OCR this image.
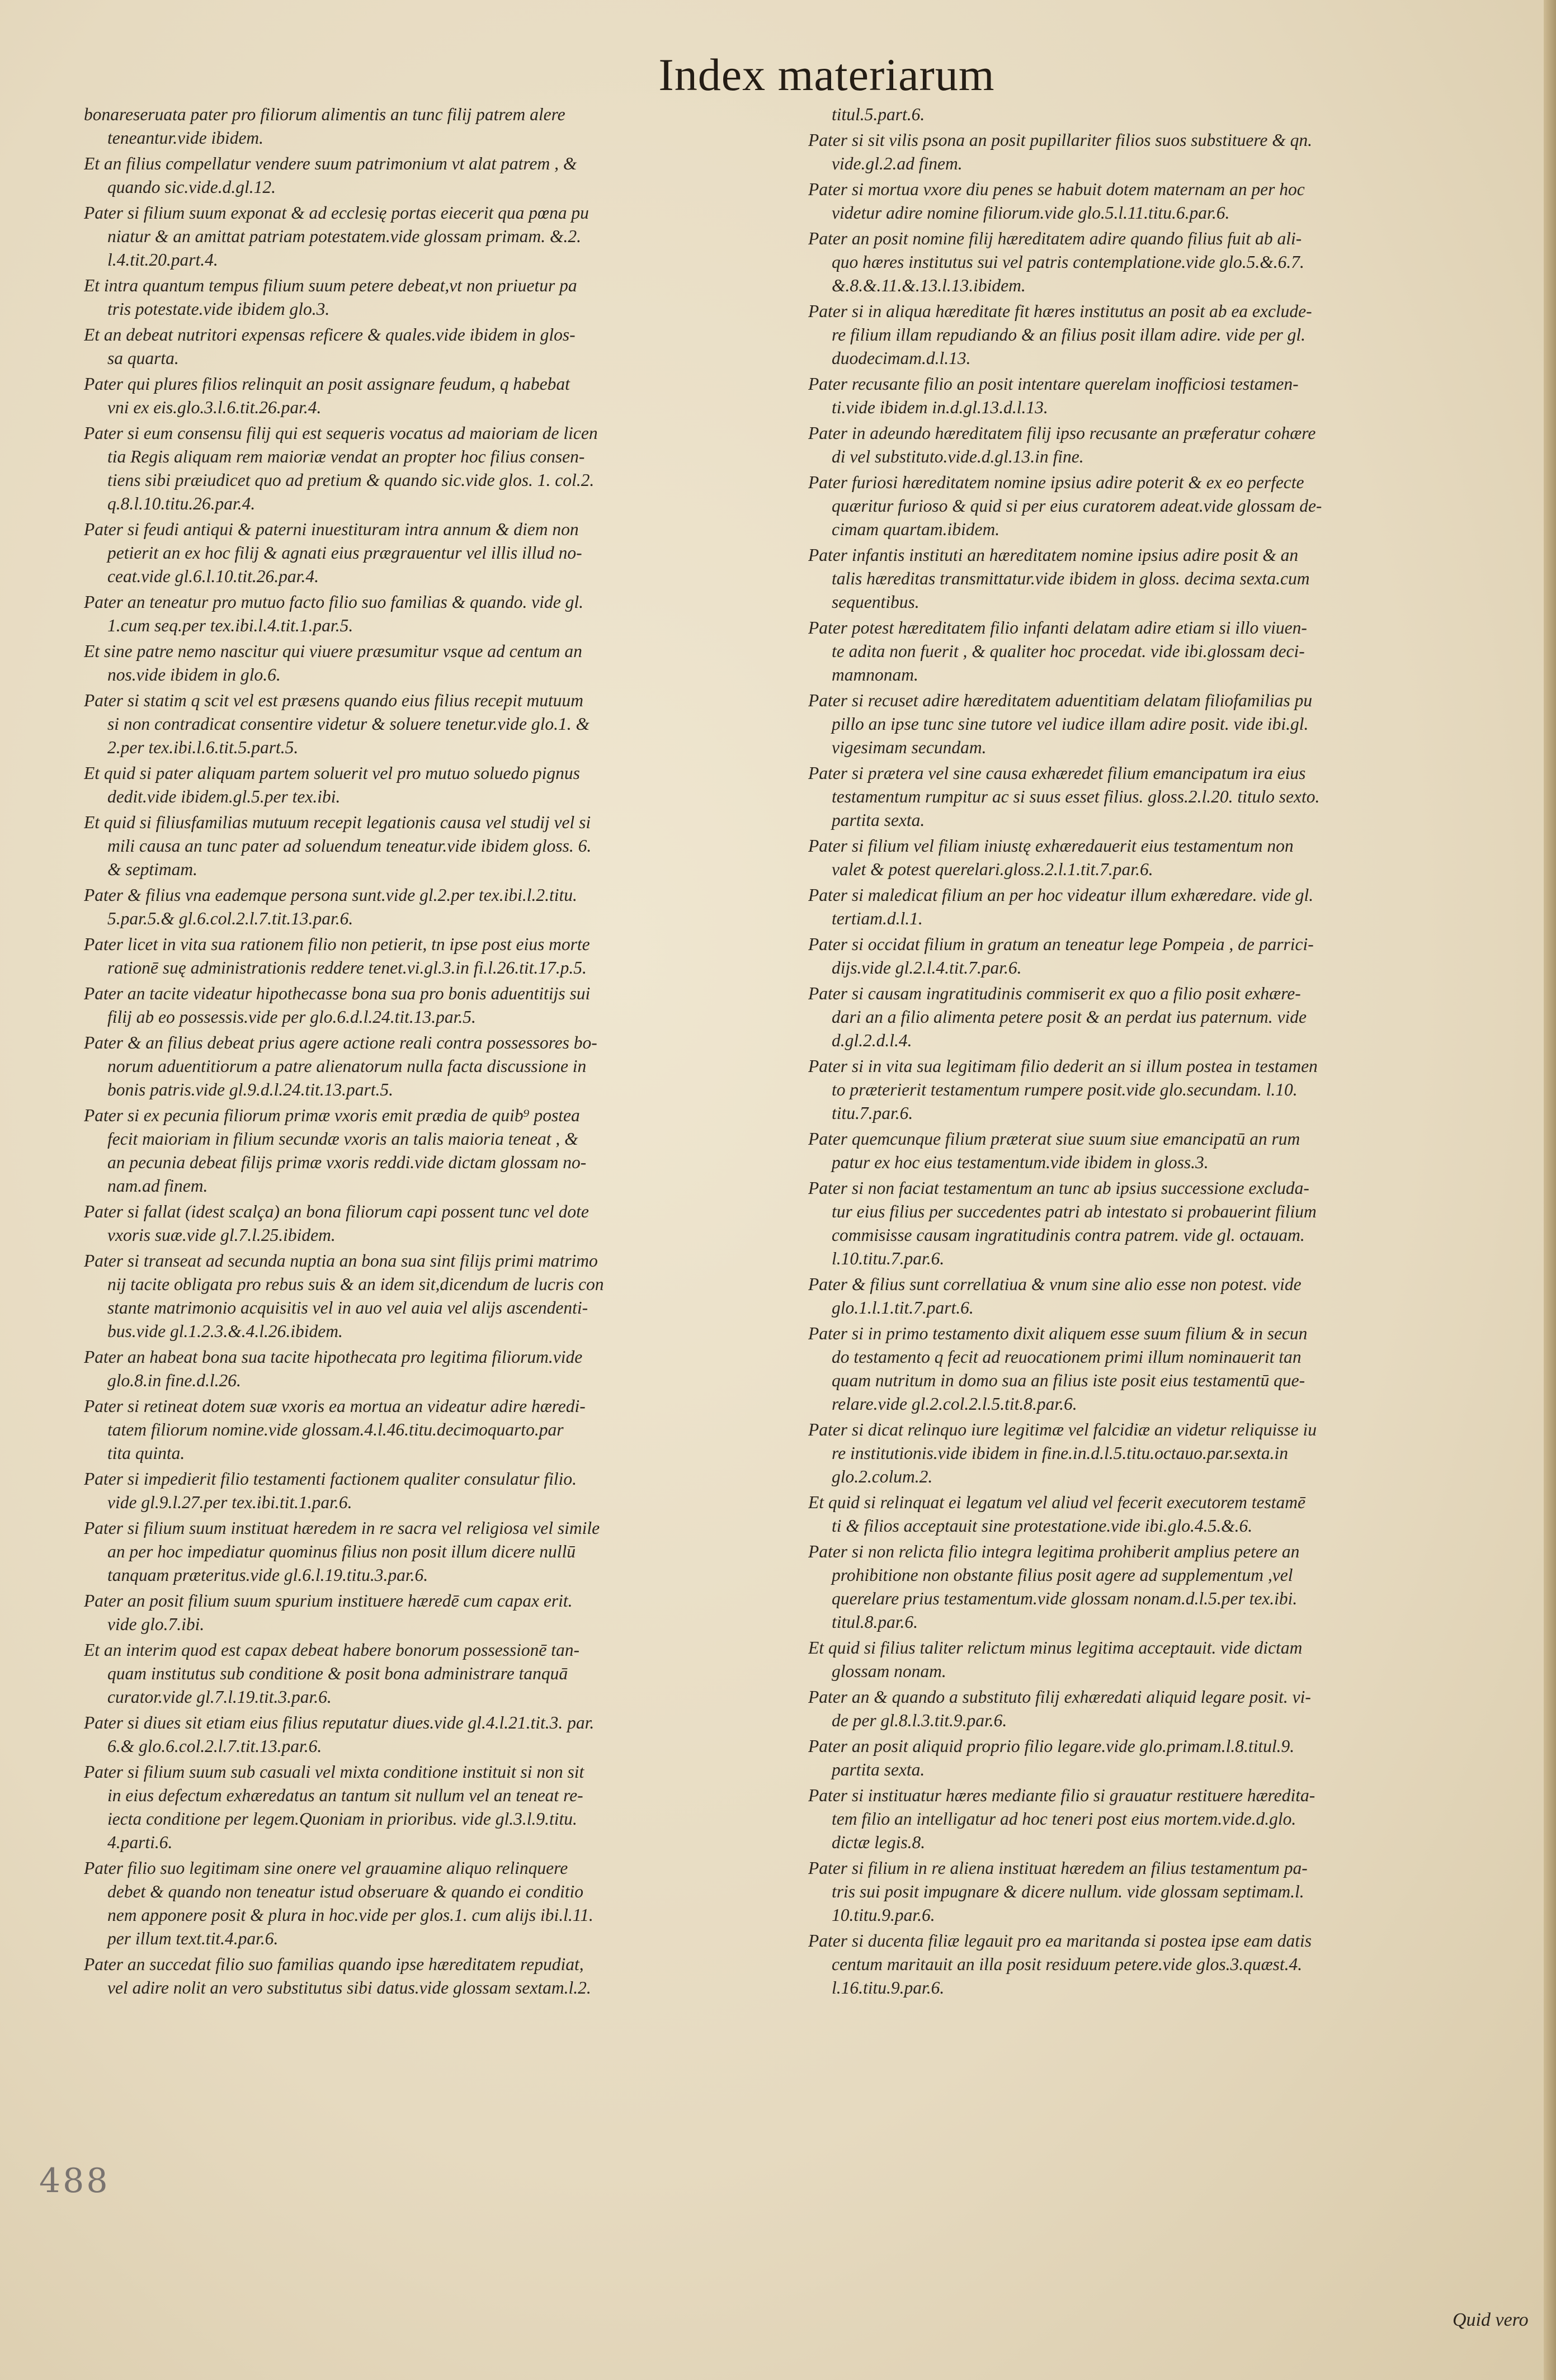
Index materiarum
bonareseruata pater pro filiorum alimentis an tunc filij patrem alere
teneantur.vide ibidem.
Et an filius compellatur vendere suum patrimonium vt alat patrem , &
quando sic.vide.d.gl.12.
Pater si filium suum exponat & ad ecclesię portas eiecerit qua pœna pu
niatur & an amittat patriam potestatem.vide glossam primam. &.2.
l.4.tit.20.part.4.
Et intra quantum tempus filium suum petere debeat,vt non priuetur pa
tris potestate.vide ibidem glo.3.
Et an debeat nutritori expensas reficere & quales.vide ibidem in glos-
sa quarta.
Pater qui plures filios relinquit an posit assignare feudum, q habebat
vni ex eis.glo.3.l.6.tit.26.par.4.
Pater si eum consensu filij qui est sequeris vocatus ad maioriam de licen
tia Regis aliquam rem maioriæ vendat an propter hoc filius consen-
tiens sibi præiudicet quo ad pretium & quando sic.vide glos. 1. col.2.
q.8.l.10.titu.26.par.4.
Pater si feudi antiqui & paterni inuestituram intra annum & diem non
petierit an ex hoc filij & agnati eius prægrauentur vel illis illud no-
ceat.vide gl.6.l.10.tit.26.par.4.
Pater an teneatur pro mutuo facto filio suo familias & quando. vide gl.
1.cum seq.per tex.ibi.l.4.tit.1.par.5.
Et sine patre nemo nascitur qui viuere præsumitur vsque ad centum an
nos.vide ibidem in glo.6.
Pater si statim q scit vel est præsens quando eius filius recepit mutuum
si non contradicat consentire videtur & soluere tenetur.vide glo.1. &
2.per tex.ibi.l.6.tit.5.part.5.
Et quid si pater aliquam partem soluerit vel pro mutuo soluedo pignus
dedit.vide ibidem.gl.5.per tex.ibi.
Et quid si filiusfamilias mutuum recepit legationis causa vel studij vel si
mili causa an tunc pater ad soluendum teneatur.vide ibidem gloss. 6.
& septimam.
Pater & filius vna eademque persona sunt.vide gl.2.per tex.ibi.l.2.titu.
5.par.5.& gl.6.col.2.l.7.tit.13.par.6.
Pater licet in vita sua rationem filio non petierit, tn ipse post eius morte
rationē suę administrationis reddere tenet.vi.gl.3.in fi.l.26.tit.17.p.5.
Pater an tacite videatur hipothecasse bona sua pro bonis aduentitijs sui
filij ab eo possessis.vide per glo.6.d.l.24.tit.13.par.5.
Pater & an filius debeat prius agere actione reali contra possessores bo-
norum aduentitiorum a patre alienatorum nulla facta discussione in
bonis patris.vide gl.9.d.l.24.tit.13.part.5.
Pater si ex pecunia filiorum primæ vxoris emit prædia de quib⁹ postea
fecit maioriam in filium secundæ vxoris an talis maioria teneat , &
an pecunia debeat filijs primæ vxoris reddi.vide dictam glossam no-
nam.ad finem.
Pater si fallat (idest scalça) an bona filiorum capi possent tunc vel dote
vxoris suæ.vide gl.7.l.25.ibidem.
Pater si transeat ad secunda nuptia an bona sua sint filijs primi matrimo
nij tacite obligata pro rebus suis & an idem sit,dicendum de lucris con
stante matrimonio acquisitis vel in auo vel auia vel alijs ascendenti-
bus.vide gl.1.2.3.&.4.l.26.ibidem.
Pater an habeat bona sua tacite hipothecata pro legitima filiorum.vide
glo.8.in fine.d.l.26.
Pater si retineat dotem suæ vxoris ea mortua an videatur adire hæredi-
tatem filiorum nomine.vide glossam.4.l.46.titu.decimoquarto.par
tita quinta.
Pater si impedierit filio testamenti factionem qualiter consulatur filio.
vide gl.9.l.27.per tex.ibi.tit.1.par.6.
Pater si filium suum instituat hæredem in re sacra vel religiosa vel simile
an per hoc impediatur quominus filius non posit illum dicere nullū
tanquam præteritus.vide gl.6.l.19.titu.3.par.6.
Pater an posit filium suum spurium instituere hæredē cum capax erit.
vide glo.7.ibi.
Et an interim quod est capax debeat habere bonorum possessionē tan-
quam institutus sub conditione & posit bona administrare tanquā
curator.vide gl.7.l.19.tit.3.par.6.
Pater si diues sit etiam eius filius reputatur diues.vide gl.4.l.21.tit.3. par.
6.& glo.6.col.2.l.7.tit.13.par.6.
Pater si filium suum sub casuali vel mixta conditione instituit si non sit
in eius defectum exhæredatus an tantum sit nullum vel an teneat re-
iecta conditione per legem.Quoniam in prioribus. vide gl.3.l.9.titu.
4.parti.6.
Pater filio suo legitimam sine onere vel grauamine aliquo relinquere
debet & quando non teneatur istud obseruare & quando ei conditio
nem apponere posit & plura in hoc.vide per glos.1. cum alijs ibi.l.11.
per illum text.tit.4.par.6.
Pater an succedat filio suo familias quando ipse hæreditatem repudiat,
vel adire nolit an vero substitutus sibi datus.vide glossam sextam.l.2.
titul.5.part.6.
Pater si sit vilis psona an posit pupillariter filios suos substituere & qn.
vide.gl.2.ad finem.
Pater si mortua vxore diu penes se habuit dotem maternam an per hoc
videtur adire nomine filiorum.vide glo.5.l.11.titu.6.par.6.
Pater an posit nomine filij hæreditatem adire quando filius fuit ab ali-
quo hæres institutus sui vel patris contemplatione.vide glo.5.&.6.7.
&.8.&.11.&.13.l.13.ibidem.
Pater si in aliqua hæreditate fit hæres institutus an posit ab ea exclude-
re filium illam repudiando & an filius posit illam adire. vide per gl.
duodecimam.d.l.13.
Pater recusante filio an posit intentare querelam inofficiosi testamen-
ti.vide ibidem in.d.gl.13.d.l.13.
Pater in adeundo hæreditatem filij ipso recusante an præferatur cohære
di vel substituto.vide.d.gl.13.in fine.
Pater furiosi hæreditatem nomine ipsius adire poterit & ex eo perfecte
quæritur furioso & quid si per eius curatorem adeat.vide glossam de-
cimam quartam.ibidem.
Pater infantis instituti an hæreditatem nomine ipsius adire posit & an
talis hæreditas transmittatur.vide ibidem in gloss. decima sexta.cum
sequentibus.
Pater potest hæreditatem filio infanti delatam adire etiam si illo viuen-
te adita non fuerit , & qualiter hoc procedat. vide ibi.glossam deci-
mamnonam.
Pater si recuset adire hæreditatem aduentitiam delatam filiofamilias pu
pillo an ipse tunc sine tutore vel iudice illam adire posit. vide ibi.gl.
vigesimam secundam.
Pater si prætera vel sine causa exhæredet filium emancipatum ira eius
testamentum rumpitur ac si suus esset filius. gloss.2.l.20. titulo sexto.
partita sexta.
Pater si filium vel filiam iniustę exhæredauerit eius testamentum non
valet & potest querelari.gloss.2.l.1.tit.7.par.6.
Pater si maledicat filium an per hoc videatur illum exhæredare. vide gl.
tertiam.d.l.1.
Pater si occidat filium in gratum an teneatur lege Pompeia , de parrici-
dijs.vide gl.2.l.4.tit.7.par.6.
Pater si causam ingratitudinis commiserit ex quo a filio posit exhære-
dari an a filio alimenta petere posit & an perdat ius paternum. vide
d.gl.2.d.l.4.
Pater si in vita sua legitimam filio dederit an si illum postea in testamen
to præterierit testamentum rumpere posit.vide glo.secundam. l.10.
titu.7.par.6.
Pater quemcunque filium præterat siue suum siue emancipatū an rum
patur ex hoc eius testamentum.vide ibidem in gloss.3.
Pater si non faciat testamentum an tunc ab ipsius successione excluda-
tur eius filius per succedentes patri ab intestato si probauerint filium
commisisse causam ingratitudinis contra patrem. vide gl. octauam.
l.10.titu.7.par.6.
Pater & filius sunt correllatiua & vnum sine alio esse non potest. vide
glo.1.l.1.tit.7.part.6.
Pater si in primo testamento dixit aliquem esse suum filium & in secun
do testamento q fecit ad reuocationem primi illum nominauerit tan
quam nutritum in domo sua an filius iste posit eius testamentū que-
relare.vide gl.2.col.2.l.5.tit.8.par.6.
Pater si dicat relinquo iure legitimæ vel falcidiæ an videtur reliquisse iu
re institutionis.vide ibidem in fine.in.d.l.5.titu.octauo.par.sexta.in
glo.2.colum.2.
Et quid si relinquat ei legatum vel aliud vel fecerit executorem testamē
ti & filios acceptauit sine protestatione.vide ibi.glo.4.5.&.6.
Pater si non relicta filio integra legitima prohiberit amplius petere an
prohibitione non obstante filius posit agere ad supplementum ,vel
querelare prius testamentum.vide glossam nonam.d.l.5.per tex.ibi.
titul.8.par.6.
Et quid si filius taliter relictum minus legitima acceptauit. vide dictam
glossam nonam.
Pater an & quando a substituto filij exhæredati aliquid legare posit. vi-
de per gl.8.l.3.tit.9.par.6.
Pater an posit aliquid proprio filio legare.vide glo.primam.l.8.titul.9.
partita sexta.
Pater si instituatur hæres mediante filio si grauatur restituere hæredita-
tem filio an intelligatur ad hoc teneri post eius mortem.vide.d.glo.
dictæ legis.8.
Pater si filium in re aliena instituat hæredem an filius testamentum pa-
tris sui posit impugnare & dicere nullum. vide glossam septimam.l.
10.titu.9.par.6.
Pater si ducenta filiæ legauit pro ea maritanda si postea ipse eam datis
centum maritauit an illa posit residuum petere.vide glos.3.quæst.4.
l.16.titu.9.par.6.
Quid vero
488
